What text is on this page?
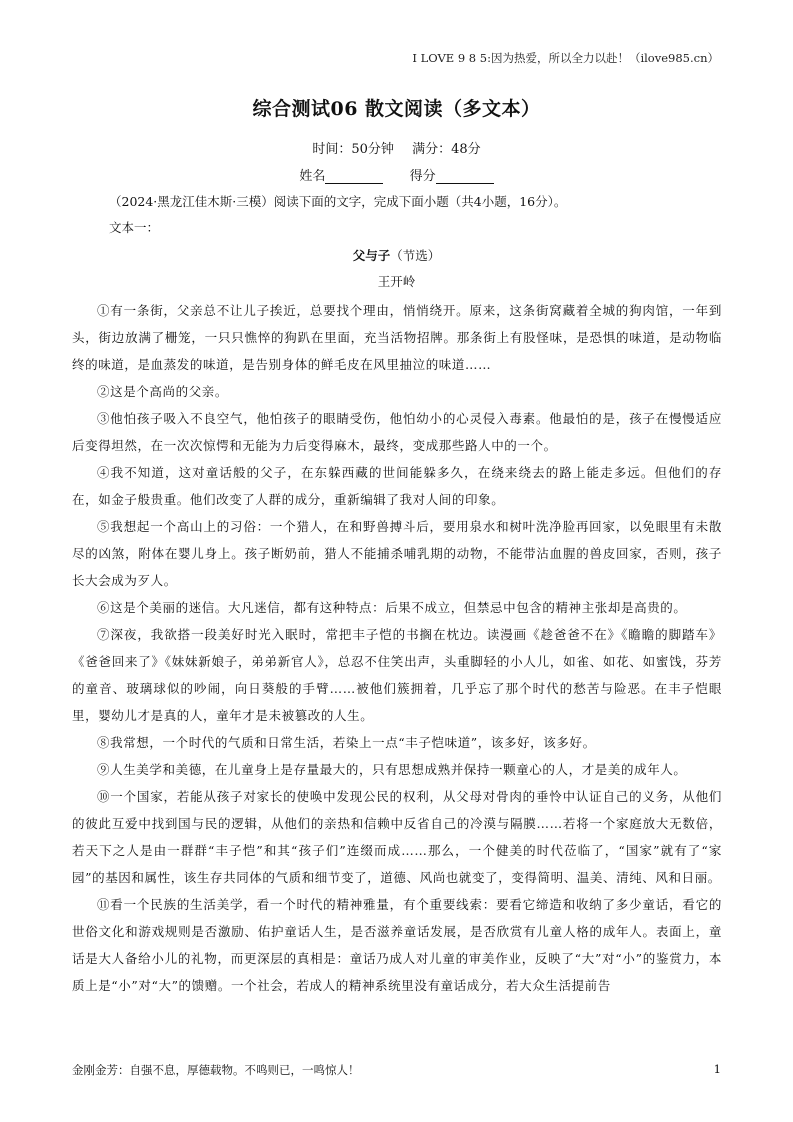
I LOVE 9 8 5:因为热爱，所以全力以赴！（ilove985.cn）
综合测试06 散文阅读（多文本）
时间：50分钟 满分：48分
姓名	得分
（2024·黑龙江佳木斯·三模）阅读下面的文字，完成下面小题（共4小题，16分）。
文本一：
父与子（节选）
王开岭

①有一条街，父亲总不让儿子挨近，总要找个理由，悄悄绕开。原来，这条街窝藏着全城的狗肉馆，一年到头，街边放满了栅笼，一只只憔悴的狗趴在里面，充当活物招牌。那条街上有股怪味，是恐惧的味道，是动物临终的味道，是血蒸发的味道，是告别身体的鲜毛皮在风里抽泣的味道……

②这是个高尚的父亲。

③他怕孩子吸入不良空气，他怕孩子的眼睛受伤，他怕幼小的心灵侵入毒素。他最怕的是，孩子在慢慢适应后变得坦然，在一次次惊愕和无能为力后变得麻木，最终，变成那些路人中的一个。

④我不知道，这对童话般的父子，在东躲西藏的世间能躲多久，在绕来绕去的路上能走多远。但他们的存在，如金子般贵重。他们改变了人群的成分，重新编辑了我对人间的印象。

⑤我想起一个高山上的习俗：一个猎人，在和野兽搏斗后，要用泉水和树叶洗净脸再回家，以免眼里有未散尽的凶煞，附体在婴儿身上。孩子断奶前，猎人不能捕杀哺乳期的动物，不能带沾血腥的兽皮回家，否则，孩子长大会成为歹人。

⑥这是个美丽的迷信。大凡迷信，都有这种特点：后果不成立，但禁忌中包含的精神主张却是高贵的。

⑦深夜，我欲搭一段美好时光入眠时，常把丰子恺的书搁在枕边。读漫画《趁爸爸不在》《瞻瞻的脚踏车》《爸爸回来了》《妹妹新娘子，弟弟新官人》，总忍不住笑出声，头重脚轻的小人儿，如雀、如花、如蜜饯，芬芳的童音、玻璃球似的吵闹，向日葵般的手臂……被他们簇拥着，几乎忘了那个时代的愁苦与险恶。在丰子恺眼里，婴幼儿才是真的人，童年才是未被篡改的人生。

⑧我常想，一个时代的气质和日常生活，若染上一点“丰子恺味道”，该多好，该多好。

⑨人生美学和美德，在儿童身上是存量最大的，只有思想成熟并保持一颗童心的人，才是美的成年人。

⑩一个国家，若能从孩子对家长的使唤中发现公民的权利，从父母对骨肉的垂怜中认证自己的义务，从他们的彼此互爱中找到国与民的逻辑，从他们的亲热和信赖中反省自己的冷漠与隔膜……若将一个家庭放大无数倍，若天下之人是由一群群“丰子恺”和其“孩子们”连缀而成……那么，一个健美的时代莅临了，“国家”就有了“家园”的基因和属性，该生存共同体的气质和细节变了，道德、风尚也就变了，变得简明、温美、清纯、风和日丽。

⑪看一个民族的生活美学，看一个时代的精神雅量，有个重要线索：要看它缔造和收纳了多少童话，看它的世俗文化和游戏规则是否激励、佑护童话人生，是否滋养童话发展，是否欣赏有儿童人格的成年人。表面上，童话是大人备给小儿的礼物，而更深层的真相是：童话乃成人对儿童的审美作业，反映了“大”对“小”的鉴赏力，本质上是“小”对“大”的馈赠。一个社会，若成人的精神系统里没有童话成分，若大众生活提前告

金刚金芳：自强不息，厚德载物。不鸣则已，一鸣惊人！	1
